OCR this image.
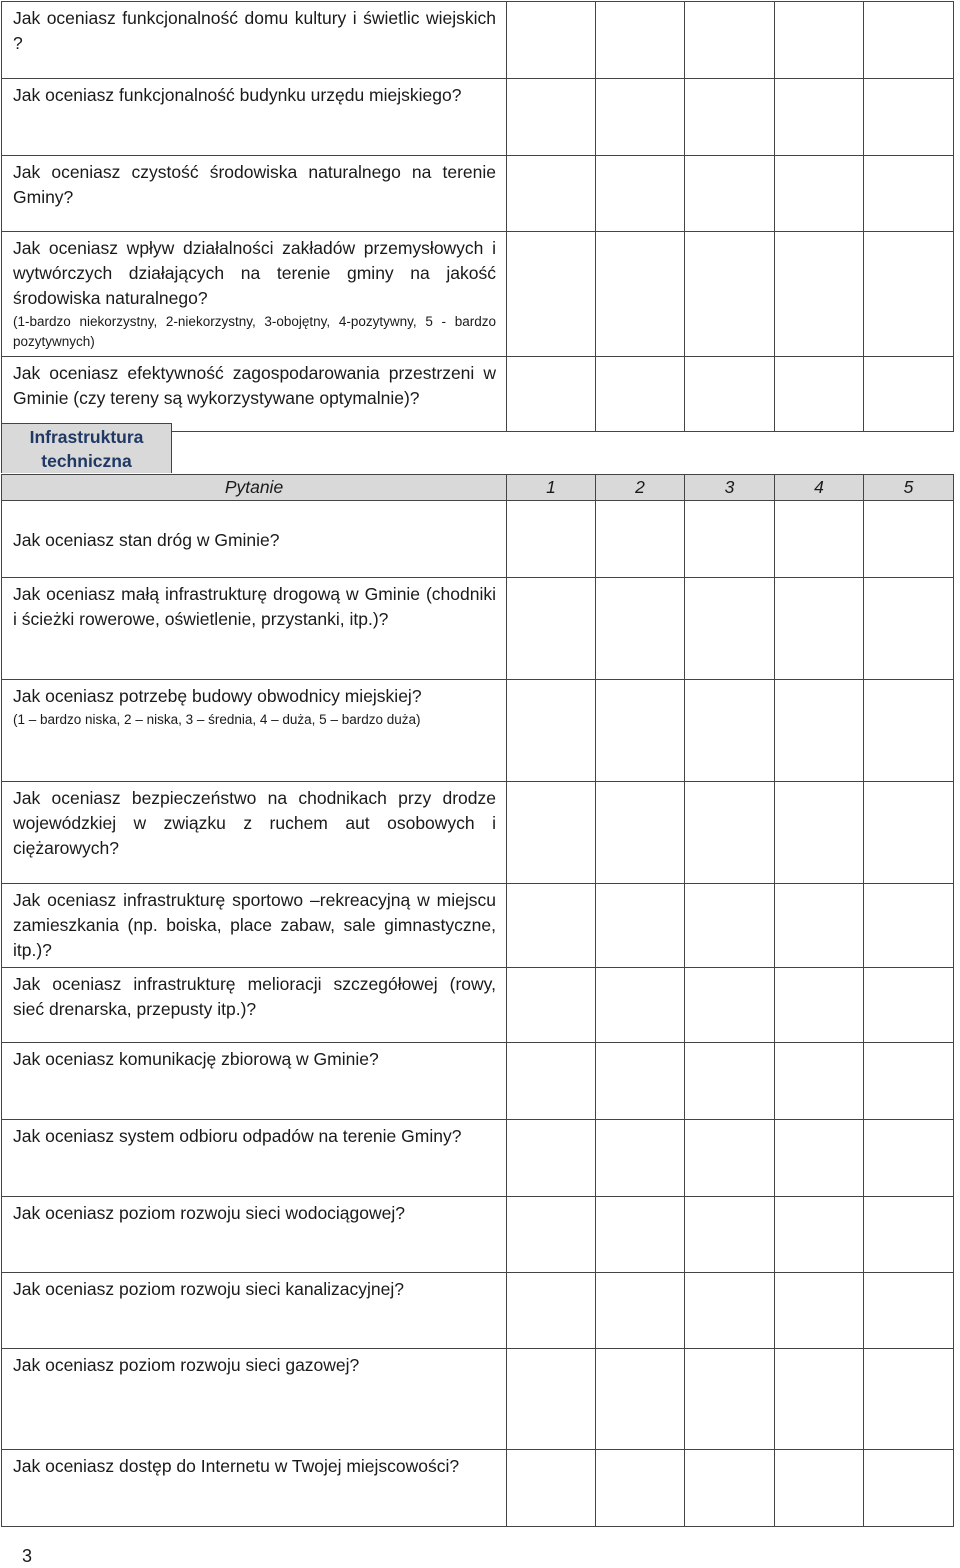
Jak oceniasz funkcjonalność domu kultury i świetlic wiejskich ?					
Jak oceniasz funkcjonalność budynku urzędu miejskiego?					
Jak oceniasz czystość środowiska naturalnego na terenie Gminy?					
Jak oceniasz wpływ działalności zakładów przemysłowych i wytwórczych działających na terenie gminy na jakość środowiska naturalnego?
(1-bardzo niekorzystny, 2-niekorzystny, 3-obojętny, 4-pozytywny, 5 - bardzo pozytywnych)					

Jak oceniasz efektywność zagospodarowania przestrzeni w Gminie (czy tereny są wykorzystywane optymalnie)?					
Infrastruktura techniczna
Pytanie	1	2	3	4	5
Jak oceniasz stan dróg w Gminie?					
Jak oceniasz małą infrastrukturę drogową w Gminie (chodniki i ścieżki rowerowe, oświetlenie, przystanki, itp.)?					
Jak oceniasz potrzebę budowy obwodnicy miejskiej?
(1 – bardzo niska, 2 – niska, 3 – średnia, 4 – duża, 5 – bardzo duża)					

Jak oceniasz bezpieczeństwo na chodnikach przy drodze wojewódzkiej w związku z ruchem aut osobowych i ciężarowych?					
Jak oceniasz infrastrukturę sportowo –rekreacyjną w miejscu zamieszkania (np. boiska, place zabaw, sale gimnastyczne, itp.)?					
Jak oceniasz infrastrukturę melioracji szczegółowej (rowy, sieć drenarska, przepusty itp.)?					
Jak oceniasz komunikację zbiorową w Gminie?					
Jak oceniasz system odbioru odpadów na terenie Gminy?					
Jak oceniasz poziom rozwoju sieci wodociągowej?					
Jak oceniasz poziom rozwoju sieci kanalizacyjnej?					
Jak oceniasz poziom rozwoju sieci gazowej?					
Jak oceniasz dostęp do Internetu w Twojej miejscowości?					
3
